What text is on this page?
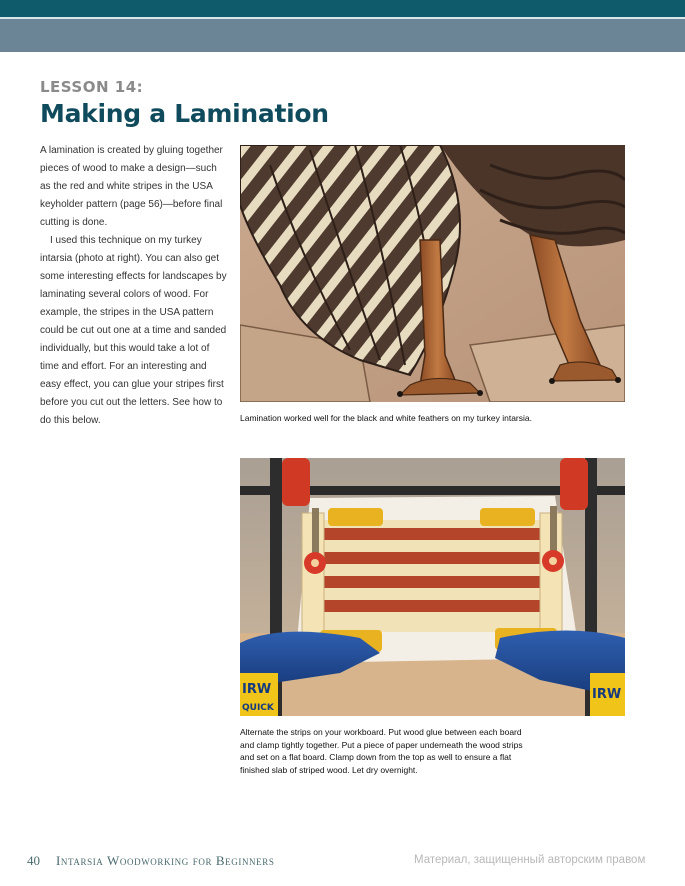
LESSON 14:
Making a Lamination

A lamination is created by gluing together pieces of wood to make a design—such as the red and white stripes in the USA keyholder pattern (page 56)—before final cutting is done.

I used this technique on my turkey intarsia (photo at right). You can also get some interesting effects for landscapes by laminating several colors of wood. For example, the stripes in the USA pattern could be cut out one at a time and sanded individually, but this would take a lot of time and effort. For an interesting and easy effect, you can glue your stripes first before you cut out the letters. See how to do this below.	Lamination worked well for the black and white feathers on my turkey intarsia.
IRW
QUICK
IRW
Alternate the strips on your workboard. Put wood glue between each board and clamp tightly together. Put a piece of paper underneath the wood strips and set on a flat board. Clamp down from the top as well to ensure a flat finished slab of striped wood. Let dry overnight.
40 Intarsia Woodworking for Beginners	Материал, защищенный авторским правом
